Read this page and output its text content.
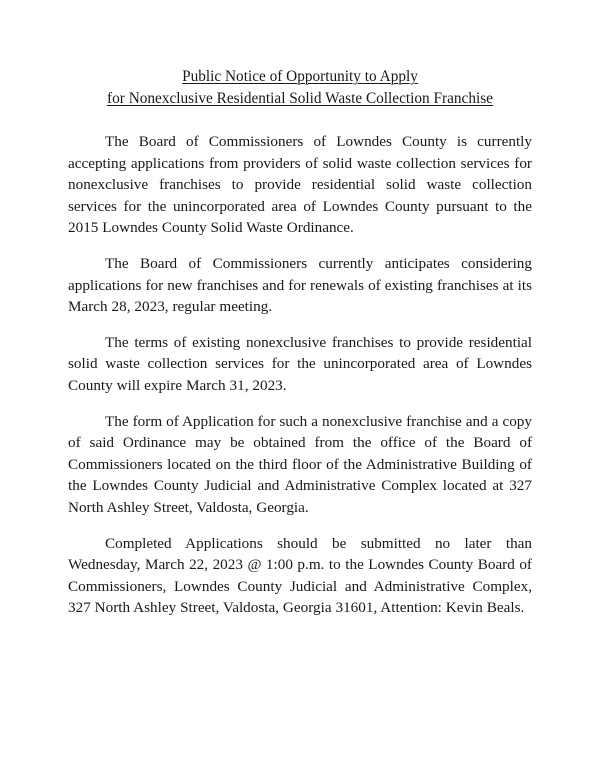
Public Notice of Opportunity to Apply
for Nonexclusive Residential Solid Waste Collection Franchise

The Board of Commissioners of Lowndes County is currently accepting applications from providers of solid waste collection services for nonexclusive franchises to provide residential solid waste collection services for the unincorporated area of Lowndes County pursuant to the 2015 Lowndes County Solid Waste Ordinance.

The Board of Commissioners currently anticipates considering applications for new franchises and for renewals of existing franchises at its March 28, 2023, regular meeting.

The terms of existing nonexclusive franchises to provide residential solid waste collection services for the unincorporated area of Lowndes County will expire March 31, 2023.

The form of Application for such a nonexclusive franchise and a copy of said Ordinance may be obtained from the office of the Board of Commissioners located on the third floor of the Administrative Building of the Lowndes County Judicial and Administrative Complex located at 327 North Ashley Street, Valdosta, Georgia.

Completed Applications should be submitted no later than Wednesday, March 22, 2023 @ 1:00 p.m. to the Lowndes County Board of Commissioners, Lowndes County Judicial and Administrative Complex, 327 North Ashley Street, Valdosta, Georgia 31601, Attention: Kevin Beals.
